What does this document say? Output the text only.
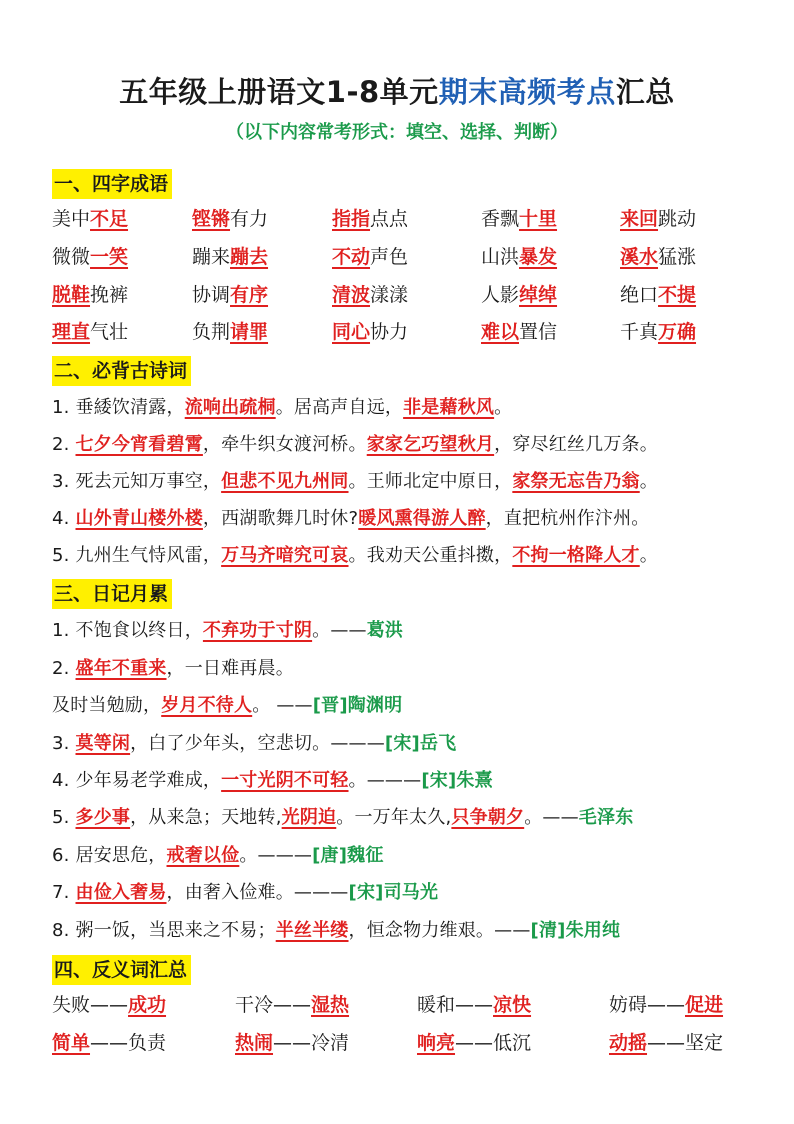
五年级上册语文1-8单元期末高频考点汇总
（以下内容常考形式：填空、选择、判断）
一、四字成语
美中不足	铿锵有力	指指点点	香飘十里	来回跳动
微微一笑	蹦来蹦去	不动声色	山洪暴发	溪水猛涨
脱鞋挽裤	协调有序	清波漾漾	人影绰绰	绝口不提
理直气壮	负荆请罪	同心协力	难以置信	千真万确
二、必背古诗词
1. 垂緌饮清露，流响出疏桐。居高声自远，非是藉秋风。
2. 七夕今宵看碧霄，牵牛织女渡河桥。家家乞巧望秋月，穿尽红丝几万条。
3. 死去元知万事空，但悲不见九州同。王师北定中原日，家祭无忘告乃翁。
4. 山外青山楼外楼，西湖歌舞几时休?暖风熏得游人醉，直把杭州作汴州。
5. 九州生气恃风雷，万马齐喑究可哀。我劝天公重抖擞，不拘一格降人才。
三、日记月累
1. 不饱食以终日，不弃功于寸阴。——葛洪
2. 盛年不重来，一日难再晨。
及时当勉励，岁月不待人。 ——[晋]陶渊明
3. 莫等闲，白了少年头，空悲切。———[宋]岳飞
4. 少年易老学难成，一寸光阴不可轻。———[宋]朱熹
6. 居安思危，戒奢以俭。———[唐]魏征
7. 由俭入奢易，由奢入俭难。———[宋]司马光
8. 粥一饭，当思来之不易；半丝半缕，恒念物力维艰。——[清]朱用纯
5. 多少事，从来急；天地转,光阴迫。一万年太久,只争朝夕。——毛泽东
四、反义词汇总
失败——成功	干冷——湿热	暖和——凉快	妨碍——促进
简单——负责	热闹——冷清	响亮——低沉	动摇——坚定
